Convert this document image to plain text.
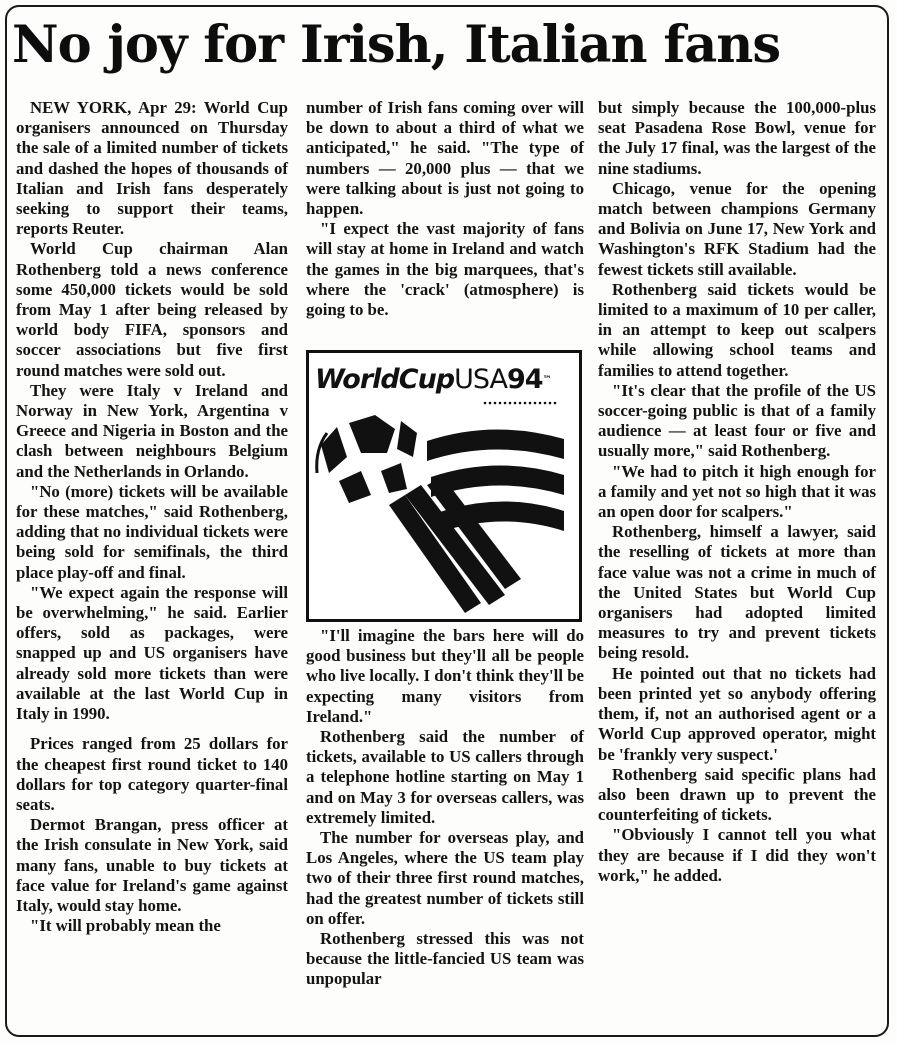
No joy for Irish, Italian fans

NEW YORK, Apr 29: World Cup organisers announced on Thursday the sale of a limited number of tickets and dashed the hopes of thousands of Italian and Irish fans desperately seeking to support their teams, reports Reuter.

World Cup chairman Alan Rothenberg told a news conference some 450,000 tickets would be sold from May 1 after being released by world body FIFA, sponsors and soccer associations but five first round matches were sold out.

They were Italy v Ireland and Norway in New York, Argentina v Greece and Nigeria in Boston and the clash between neighbours Belgium and the Netherlands in Orlando.

"No (more) tickets will be available for these matches," said Rothenberg, adding that no individual tickets were being sold for semifinals, the third place play-off and final.

"We expect again the response will be overwhelming," he said. Earlier offers, sold as packages, were snapped up and US organisers have already sold more tickets than were available at the last World Cup in Italy in 1990.

Prices ranged from 25 dollars for the cheapest first round ticket to 140 dollars for top category quarter-final seats.

Dermot Brangan, press officer at the Irish consulate in New York, said many fans, unable to buy tickets at face value for Ireland's game against Italy, would stay home.

"It will probably mean the

number of Irish fans coming over will be down to about a third of what we anticipated," he said. "The type of numbers — 20,000 plus — that we were talking about is just not going to happen.

"I expect the vast majority of fans will stay at home in Ireland and watch the games in the big marquees, that's where the 'crack' (atmosphere) is going to be.

WorldCupUSA94™

"I'll imagine the bars here will do good business but they'll all be people who live locally. I don't think they'll be expecting many visitors from Ireland."

Rothenberg said the number of tickets, available to US callers through a telephone hotline starting on May 1 and on May 3 for overseas callers, was extremely limited.

The number for overseas play, and Los Angeles, where the US team play two of their three first round matches, had the greatest number of tickets still on offer.

Rothenberg stressed this was not because the little-fancied US team was unpopular

but simply because the 100,000-plus seat Pasadena Rose Bowl, venue for the July 17 final, was the largest of the nine stadiums.

Chicago, venue for the opening match between champions Germany and Bolivia on June 17, New York and Washington's RFK Stadium had the fewest tickets still available.

Rothenberg said tickets would be limited to a maximum of 10 per caller, in an attempt to keep out scalpers while allowing school teams and families to attend together.

"It's clear that the profile of the US soccer-going public is that of a family audience — at least four or five and usually more," said Rothenberg.

"We had to pitch it high enough for a family and yet not so high that it was an open door for scalpers."

Rothenberg, himself a lawyer, said the reselling of tickets at more than face value was not a crime in much of the United States but World Cup organisers had adopted limited measures to try and prevent tickets being resold.

He pointed out that no tickets had been printed yet so anybody offering them, if, not an authorised agent or a World Cup approved operator, might be 'frankly very suspect.'

Rothenberg said specific plans had also been drawn up to prevent the counterfeiting of tickets.

"Obviously I cannot tell you what they are because if I did they won't work," he added.
